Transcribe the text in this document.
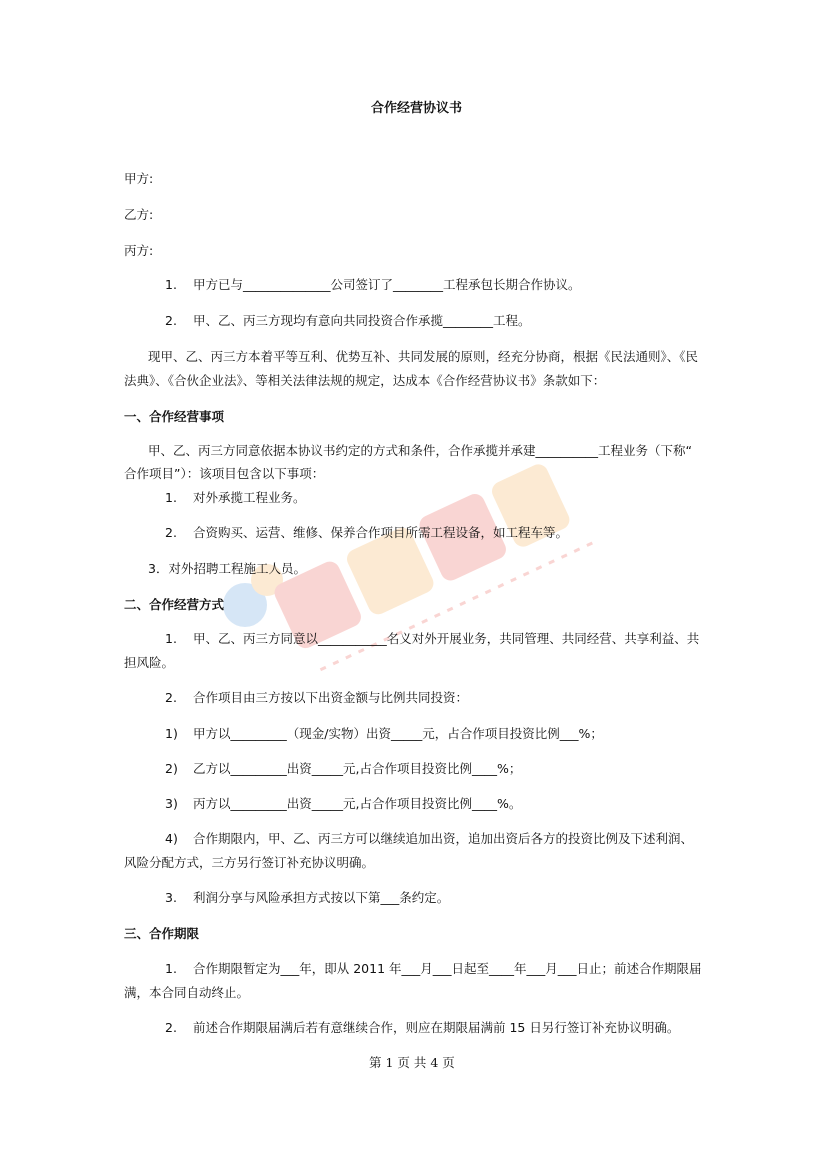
合作经营协议书
甲方:
乙方:
丙方:
1. 甲方已与______________公司签订了________工程承包长期合作协议。
2. 甲、乙、丙三方现均有意向共同投资合作承揽________工程。
现甲、乙、丙三方本着平等互利、优势互补、共同发展的原则，经充分协商，根据《民法通则》、《民
法典》、《合伙企业法》、等相关法律法规的规定，达成本《合作经营协议书》条款如下：
一、合作经营事项
甲、乙、丙三方同意依据本协议书约定的方式和条件，合作承揽并承建__________工程业务（下称“
合作项目”）：该项目包含以下事项：
1. 对外承揽工程业务。
2. 合资购买、运营、维修、保养合作项目所需工程设备，如工程车等。
3．对外招聘工程施工人员。
二、合作经营方式
1. 甲、乙、丙三方同意以___________名义对外开展业务，共同管理、共同经营、共享利益、共
担风险。
2. 合作项目由三方按以下出资金额与比例共同投资：
1) 甲方以_________（现金/实物）出资_____元，占合作项目投资比例___%；
2) 乙方以_________出资_____元,占合作项目投资比例____%；
3) 丙方以_________出资_____元,占合作项目投资比例____%。
4) 合作期限内，甲、乙、丙三方可以继续追加出资，追加出资后各方的投资比例及下述利润、
风险分配方式，三方另行签订补充协议明确。
3. 利润分享与风险承担方式按以下第___条约定。
三、合作期限
1. 合作期限暂定为___年，即从 2011 年___月___日起至____年___月___日止；前述合作期限届
满，本合同自动终止。
2. 前述合作期限届满后若有意继续合作，则应在期限届满前 15 日另行签订补充协议明确。
第 1 页 共 4 页
